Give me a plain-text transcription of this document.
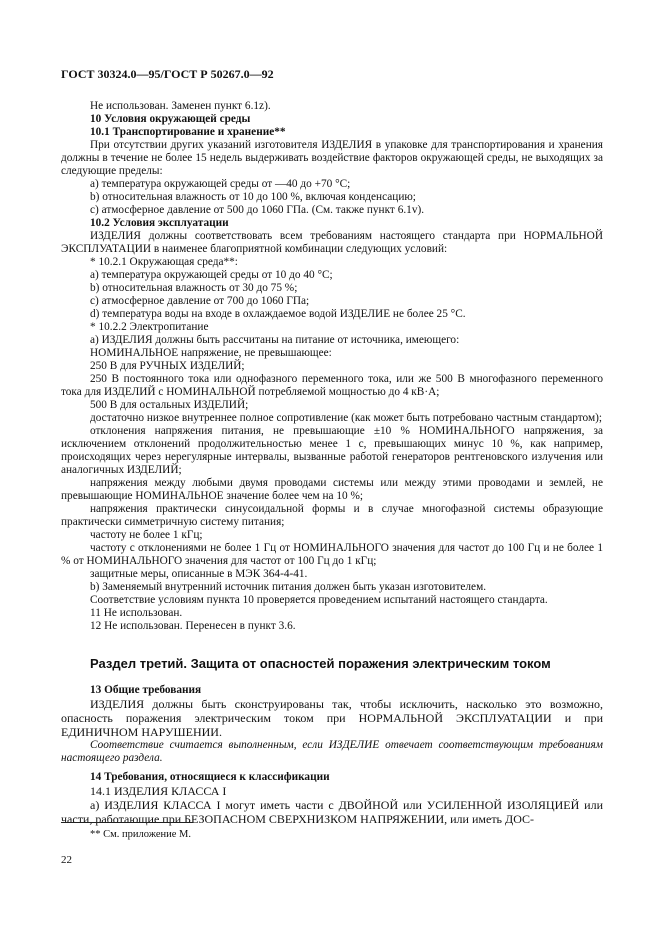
ГОСТ 30324.0—95/ГОСТ Р 50267.0—92

Не использован. Заменен пункт 6.1z).

10 Условия окружающей среды

10.1 Транспортирование и хранение**

При отсутствии других указаний изготовителя ИЗДЕЛИЯ в упаковке для транспортирования и хранения должны в течение не более 15 недель выдерживать воздействие факторов окружающей среды, не выходящих за следующие пределы:

а) температура окружающей среды от —40 до +70 °С;

b) относительная влажность от 10 до 100 %, включая конденсацию;

с) атмосферное давление от 500 до 1060 ГПа. (См. также пункт 6.1v).

10.2 Условия эксплуатации

ИЗДЕЛИЯ должны соответствовать всем требованиям настоящего стандарта при НОРМАЛЬНОЙ ЭКСПЛУАТАЦИИ в наименее благоприятной комбинации следующих условий:

* 10.2.1 Окружающая среда**:

а) температура окружающей среды от 10 до 40 °С;

b) относительная влажность от 30 до 75 %;

с) атмосферное давление от 700 до 1060 ГПа;

d) температура воды на входе в охлаждаемое водой ИЗДЕЛИЕ не более 25 °С.

* 10.2.2 Электропитание

а) ИЗДЕЛИЯ должны быть рассчитаны на питание от источника, имеющего:

НОМИНАЛЬНОЕ напряжение, не превышающее:

250 В для РУЧНЫХ ИЗДЕЛИЙ;

250 В постоянного тока или однофазного переменного тока, или же 500 В многофазного переменного тока для ИЗДЕЛИЙ с НОМИНАЛЬНОЙ потребляемой мощностью до 4 кВ·А;

500 В для остальных ИЗДЕЛИЙ;

достаточно низкое внутреннее полное сопротивление (как может быть потребовано частным стандартом);

отклонения напряжения питания, не превышающие ±10 % НОМИНАЛЬНОГО напряжения, за исключением отклонений продолжительностью менее 1 с, превышающих минус 10 %, как например, происходящих через нерегулярные интервалы, вызванные работой генераторов рентгеновского излучения или аналогичных ИЗДЕЛИЙ;

напряжения между любыми двумя проводами системы или между этими проводами и землей, не превышающие НОМИНАЛЬНОЕ значение более чем на 10 %;

напряжения практически синусоидальной формы и в случае многофазной системы образующие практически симметричную систему питания;

частоту не более 1 кГц;

частоту с отклонениями не более 1 Гц от НОМИНАЛЬНОГО значения для частот до 100 Гц и не более 1 % от НОМИНАЛЬНОГО значения для частот от 100 Гц до 1 кГц;

защитные меры, описанные в МЭК 364-4-41.

b) Заменяемый внутренний источник питания должен быть указан изготовителем.

Соответствие условиям пункта 10 проверяется проведением испытаний настоящего стандарта.

11 Не использован.

12 Не использован. Перенесен в пункт 3.6.

Раздел третий. Защита от опасностей поражения электрическим током

13 Общие требования

ИЗДЕЛИЯ должны быть сконструированы так, чтобы исключить, насколько это возможно, опасность поражения электрическим током при НОРМАЛЬНОЙ ЭКСПЛУАТАЦИИ и при ЕДИНИЧНОМ НАРУШЕНИИ.

Соответствие считается выполненным, если ИЗДЕЛИЕ отвечает соответствующим требованиям настоящего раздела.

14 Требования, относящиеся к классификации

14.1 ИЗДЕЛИЯ КЛАССА I

а) ИЗДЕЛИЯ КЛАССА I могут иметь части с ДВОЙНОЙ или УСИЛЕННОЙ ИЗОЛЯЦИЕЙ или части, работающие при БЕЗОПАСНОМ СВЕРХНИЗКОМ НАПРЯЖЕНИИ, или иметь ДОС-

** См. приложение М.
22
